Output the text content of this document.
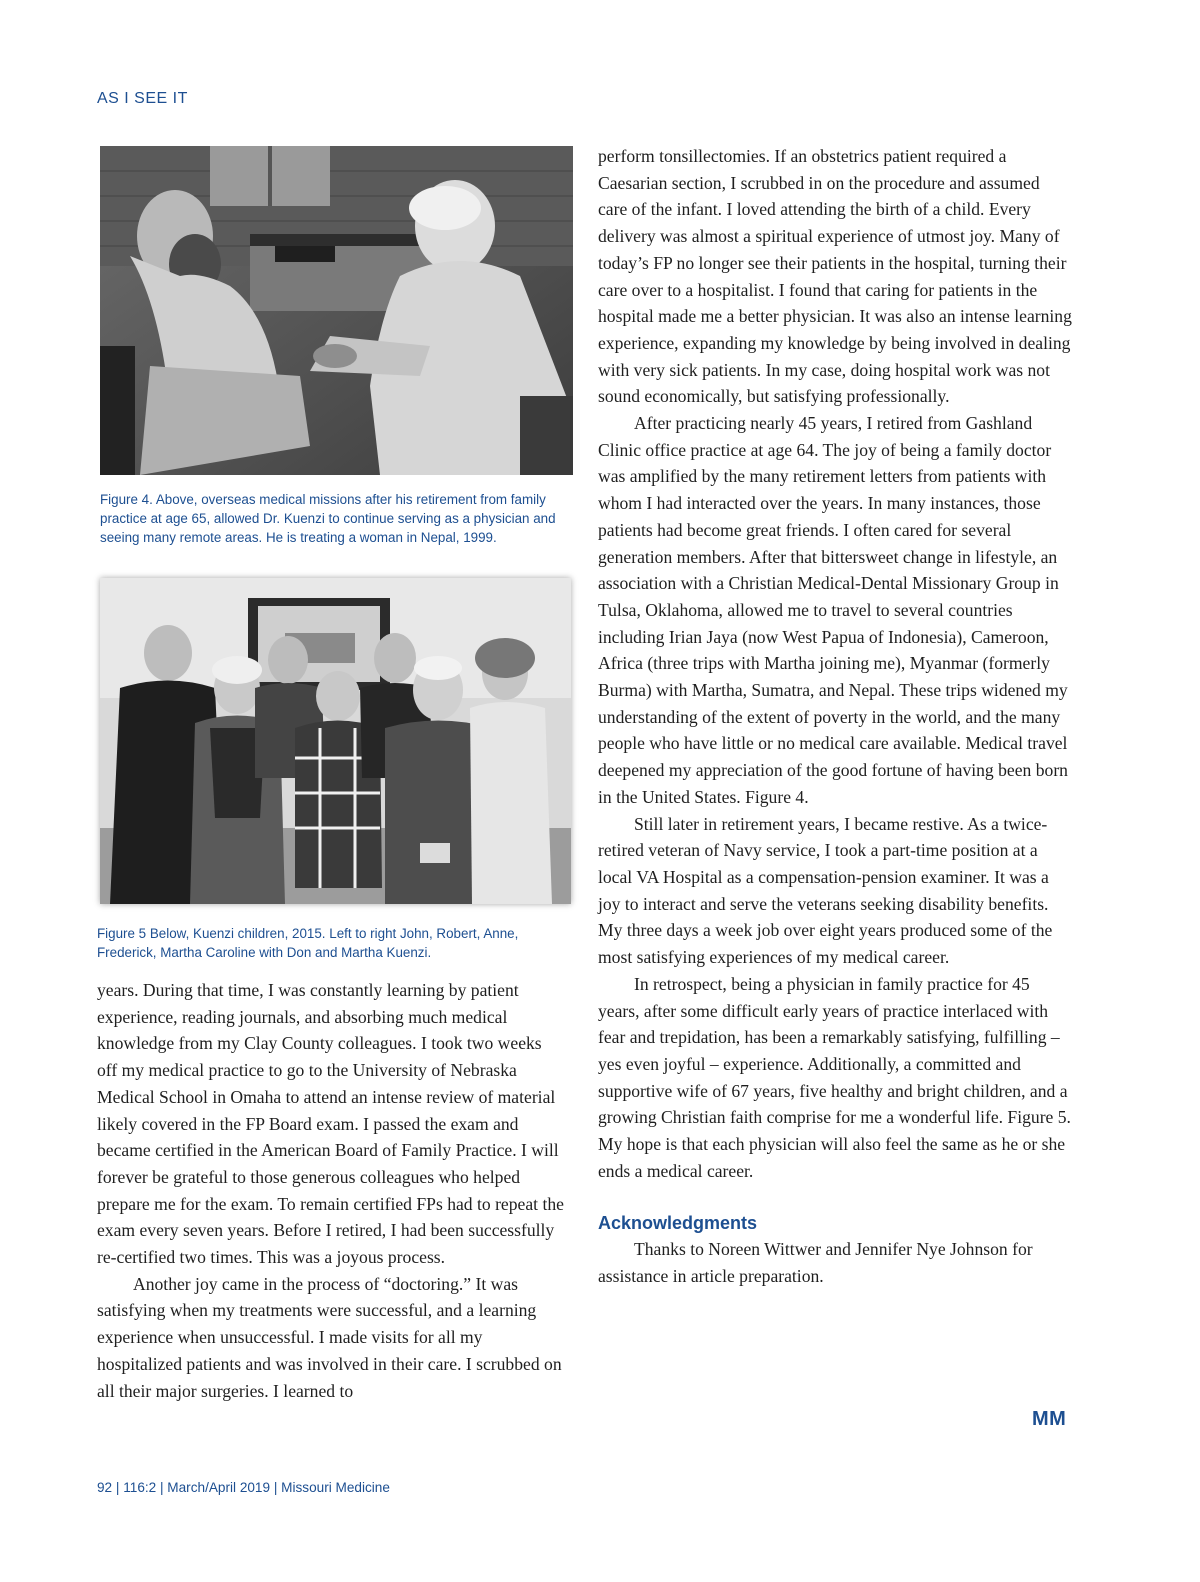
AS I SEE IT
Figure 4. Above, overseas medical missions after his retirement from family practice at age 65, allowed Dr. Kuenzi to continue serving as a physician and seeing many remote areas. He is treating a woman in Nepal, 1999.
Figure 5 Below, Kuenzi children, 2015. Left to right John, Robert, Anne, Frederick, Martha Caroline with Don and Martha Kuenzi.

years. During that time, I was constantly learning by patient experience, reading journals, and absorbing much medical knowledge from my Clay County colleagues. I took two weeks off my medical practice to go to the University of Nebraska Medical School in Omaha to attend an intense review of material likely covered in the FP Board exam. I passed the exam and became certified in the American Board of Family Practice. I will forever be grateful to those generous colleagues who helped prepare me for the exam. To remain certified FPs had to repeat the exam every seven years. Before I retired, I had been successfully re-certified two times. This was a joyous process.

Another joy came in the process of “doctoring.” It was satisfying when my treatments were successful, and a learning experience when unsuccessful. I made visits for all my hospitalized patients and was involved in their care. I scrubbed on all their major surgeries. I learned to

perform tonsillectomies. If an obstetrics patient required a Caesarian section, I scrubbed in on the procedure and assumed care of the infant. I loved attending the birth of a child. Every delivery was almost a spiritual experience of utmost joy. Many of today’s FP no longer see their patients in the hospital, turning their care over to a hospitalist. I found that caring for patients in the hospital made me a better physician. It was also an intense learning experience, expanding my knowledge by being involved in dealing with very sick patients. In my case, doing hospital work was not sound economically, but satisfying professionally.

After practicing nearly 45 years, I retired from Gashland Clinic office practice at age 64. The joy of being a family doctor was amplified by the many retirement letters from patients with whom I had interacted over the years. In many instances, those patients had become great friends. I often cared for several generation members. After that bittersweet change in lifestyle, an association with a Christian Medical-Dental Missionary Group in Tulsa, Oklahoma, allowed me to travel to several countries including Irian Jaya (now West Papua of Indonesia), Cameroon, Africa (three trips with Martha joining me), Myanmar (formerly Burma) with Martha, Sumatra, and Nepal. These trips widened my understanding of the extent of poverty in the world, and the many people who have little or no medical care available. Medical travel deepened my appreciation of the good fortune of having been born in the United States. Figure 4.

Still later in retirement years, I became restive. As a twice-retired veteran of Navy service, I took a part-time position at a local VA Hospital as a compensation-pension examiner. It was a joy to interact and serve the veterans seeking disability benefits. My three days a week job over eight years produced some of the most satisfying experiences of my medical career.

In retrospect, being a physician in family practice for 45 years, after some difficult early years of practice interlaced with fear and trepidation, has been a remarkably satisfying, fulfilling – yes even joyful – experience. Additionally, a committed and supportive wife of 67 years, five healthy and bright children, and a growing Christian faith comprise for me a wonderful life. Figure 5. My hope is that each physician will also feel the same as he or she ends a medical career.

Acknowledgments

Thanks to Noreen Wittwer and Jennifer Nye Johnson for assistance in article preparation.

MM
92 | 116:2 | March/April 2019 | Missouri Medicine
